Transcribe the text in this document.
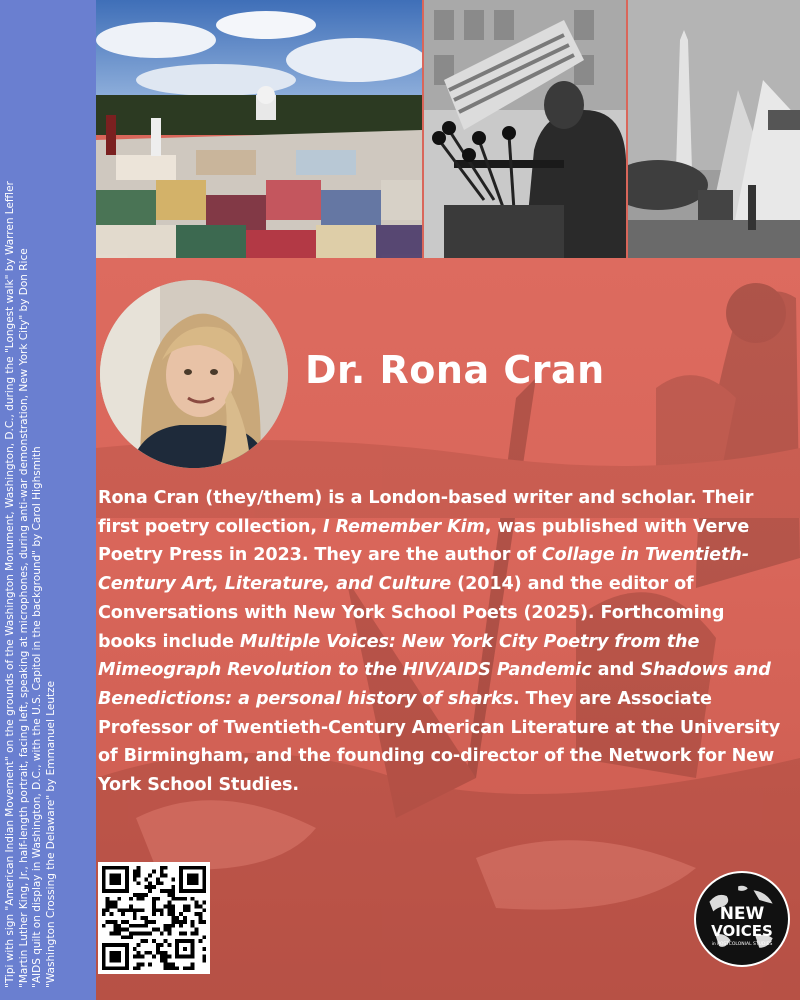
"Tipi with sign "American Indian Movement" on the grounds of the Washington Monument, Washington, D.C., during the "Longest walk" by Warren Leffler "Martin Luther King, Jr., half-length portrait, facing left, speaking at microphones, during anti-war demonstration, New York City" by Don Rice "AIDS quilt on display in Washington, D.C., with the U.S. Capitol in the background" by Carol Highsmith "Washington Crossing the Delaware" by Emmanuel Leutze
Dr. Rona Cran
Rona Cran (they/them) is a London-based writer and scholar. Their first poetry collection, I Remember Kim, was published with Verve Poetry Press in 2023. They are the author of Collage in Twentieth-Century Art, Literature, and Culture (2014) and the editor of Conversations with New York School Poets (2025). Forthcoming books include Multiple Voices: New York City Poetry from the Mimeograph Revolution to the HIV/AIDS Pandemic and Shadows and Benedictions: a personal history of sharks. They are Associate Professor of Twentieth-Century American Literature at the University of Birmingham, and the founding co-director of the Network for New York School Studies.
NEW
VOICES
in POSTCOLONIAL STUDIES
